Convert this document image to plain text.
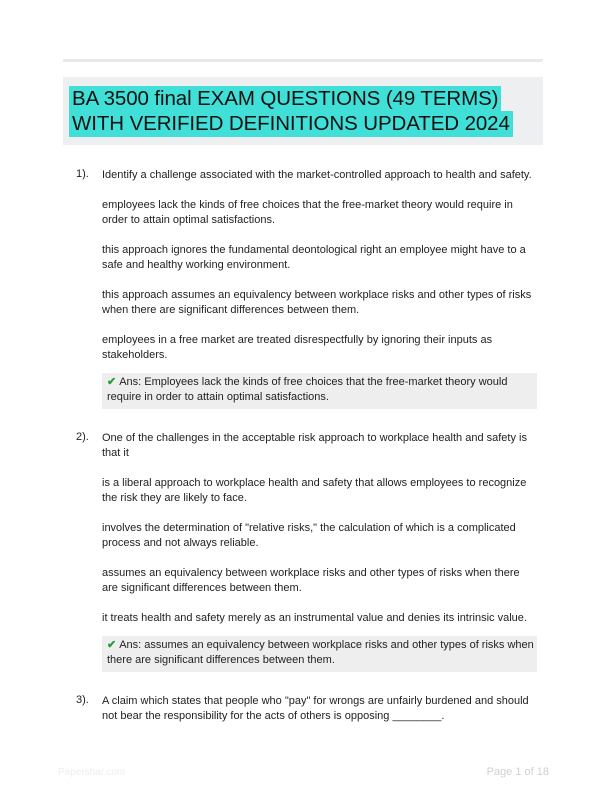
BA 3500 final EXAM QUESTIONS (49 TERMS)
WITH VERIFIED DEFINITIONS UPDATED 2024
1). Identify a challenge associated with the market-controlled approach to health and safety.
employees lack the kinds of free choices that the free-market theory would require in order to attain optimal satisfactions.
this approach ignores the fundamental deontological right an employee might have to a safe and healthy working environment.
this approach assumes an equivalency between workplace risks and other types of risks when there are significant differences between them.
employees in a free market are treated disrespectfully by ignoring their inputs as stakeholders.
✔ Ans: Employees lack the kinds of free choices that the free-market theory would require in order to attain optimal satisfactions.
2). One of the challenges in the acceptable risk approach to workplace health and safety is that it
is a liberal approach to workplace health and safety that allows employees to recognize the risk they are likely to face.
involves the determination of "relative risks," the calculation of which is a complicated process and not always reliable.
assumes an equivalency between workplace risks and other types of risks when there are significant differences between them.
it treats health and safety merely as an instrumental value and denies its intrinsic value.
✔ Ans: assumes an equivalency between workplace risks and other types of risks when there are significant differences between them.
3). A claim which states that people who "pay" for wrongs are unfairly burdened and should not bear the responsibility for the acts of others is opposing ________.
Papersbar.com	Page 1 of 18
